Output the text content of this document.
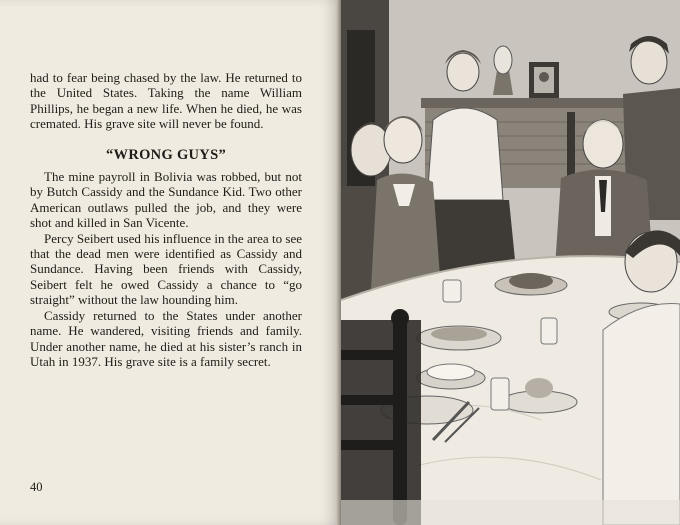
had to fear being chased by the law. He returned to the United States. Taking the name William Phillips, he began a new life. When he died, he was cremated. His grave site will never be found.

“WRONG GUYS”

The mine payroll in Bolivia was robbed, but not by Butch Cassidy and the Sundance Kid. Two other American outlaws pulled the job, and they were shot and killed in San Vicente.

Percy Seibert used his influence in the area to see that the dead men were identified as Cassidy and Sundance. Having been friends with Cassidy, Seibert felt he owed Cassidy a chance to “go straight” without the law hounding him.

Cassidy returned to the States under another name. He wandered, visiting friends and family. Under another name, he died at his sister’s ranch in Utah in 1937. His grave site is a family secret.

40
